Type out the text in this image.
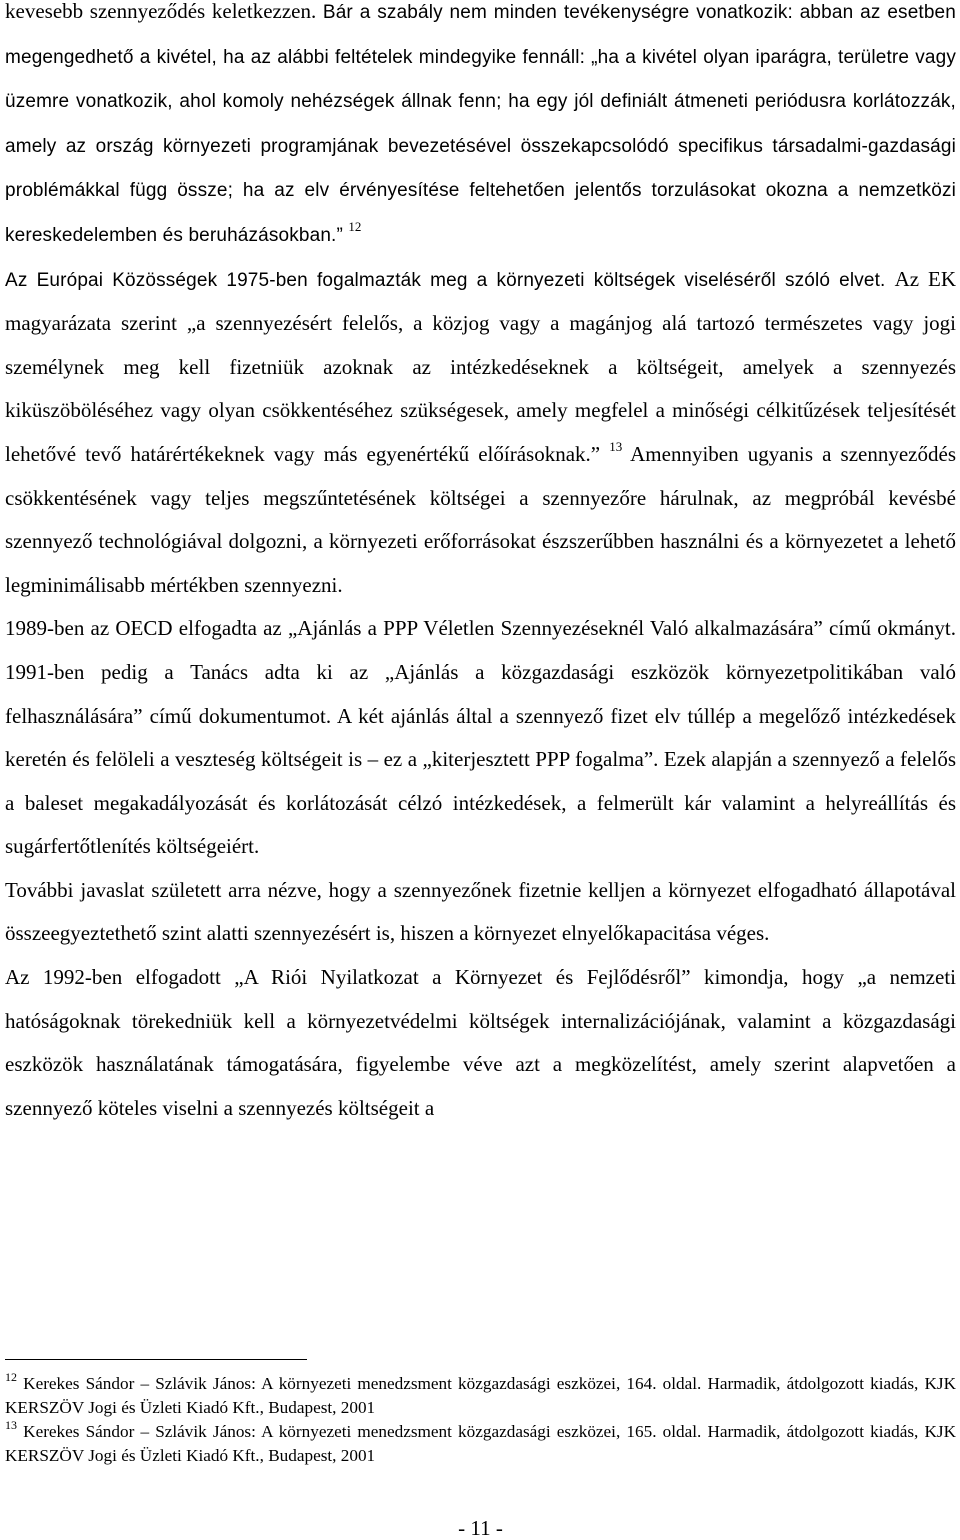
kevesebb szennyeződés keletkezzen. Bár a szabály nem minden tevékenységre vonatkozik: abban az esetben megengedhető a kivétel, ha az alábbi feltételek mindegyike fennáll: „ha a kivétel olyan iparágra, területre vagy üzemre vonatkozik, ahol komoly nehézségek állnak fenn; ha egy jól definiált átmeneti periódusra korlátozzák, amely az ország környezeti programjának bevezetésével összekapcsolódó specifikus társadalmi-gazdasági problémákkal függ össze; ha az elv érvényesítése feltehetően jelentős torzulásokat okozna a nemzetközi kereskedelemben és beruházásokban.” $^{12}$

Az Európai Közösségek 1975-ben fogalmazták meg a környezeti költségek viseléséről szóló elvet. Az EK magyarázata szerint „a szennyezésért felelős, a közjog vagy a magánjog alá tartozó természetes vagy jogi személynek meg kell fizetniük azoknak az intézkedéseknek a költségeit, amelyek a szennyezés kiküszöböléséhez vagy olyan csökkentéséhez szükségesek, amely megfelel a minőségi célkitűzések teljesítését lehetővé tevő határértékeknek vagy más egyenértékű előírásoknak.” $^{13}$ Amennyiben ugyanis a szennyeződés csökkentésének vagy teljes megszűntetésének költségei a szennyezőre hárulnak, az megpróbál kevésbé szennyező technológiával dolgozni, a környezeti erőforrásokat észszerűbben használni és a környezetet a lehető legminimálisabb mértékben szennyezni.

1989-ben az OECD elfogadta az „Ajánlás a PPP Véletlen Szennyezéseknél Való alkalmazására” című okmányt. 1991-ben pedig a Tanács adta ki az „Ajánlás a közgazdasági eszközök környezetpolitikában való felhasználására” című dokumentumot. A két ajánlás által a szennyező fizet elv túllép a megelőző intézkedések keretén és felöleli a veszteség költségeit is – ez a „kiterjesztett PPP fogalma”. Ezek alapján a szennyező a felelős a baleset megakadályozását és korlátozását célzó intézkedések, a felmerült kár valamint a helyreállítás és sugárfertőtlenítés költségeiért.

További javaslat született arra nézve, hogy a szennyezőnek fizetnie kelljen a környezet elfogadható állapotával összeegyeztethető szint alatti szennyezésért is, hiszen a környezet elnyelőkapacitása véges.

Az 1992-ben elfogadott „A Riói Nyilatkozat a Környezet és Fejlődésről” kimondja, hogy „a nemzeti hatóságoknak törekedniük kell a környezetvédelmi költségek internalizációjának, valamint a közgazdasági eszközök használatának támogatására, figyelembe véve azt a megközelítést, amely szerint alapvetően a szennyező köteles viselni a szennyezés költségeit a

$^{12}$ Kerekes Sándor – Szlávik János: A környezeti menedzsment közgazdasági eszközei, 164. oldal. Harmadik, átdolgozott kiadás, KJK KERSZÖV Jogi és Üzleti Kiadó Kft., Budapest, 2001

$^{13}$ Kerekes Sándor – Szlávik János: A környezeti menedzsment közgazdasági eszközei, 165. oldal. Harmadik, átdolgozott kiadás, KJK KERSZÖV Jogi és Üzleti Kiadó Kft., Budapest, 2001

- 11 -
